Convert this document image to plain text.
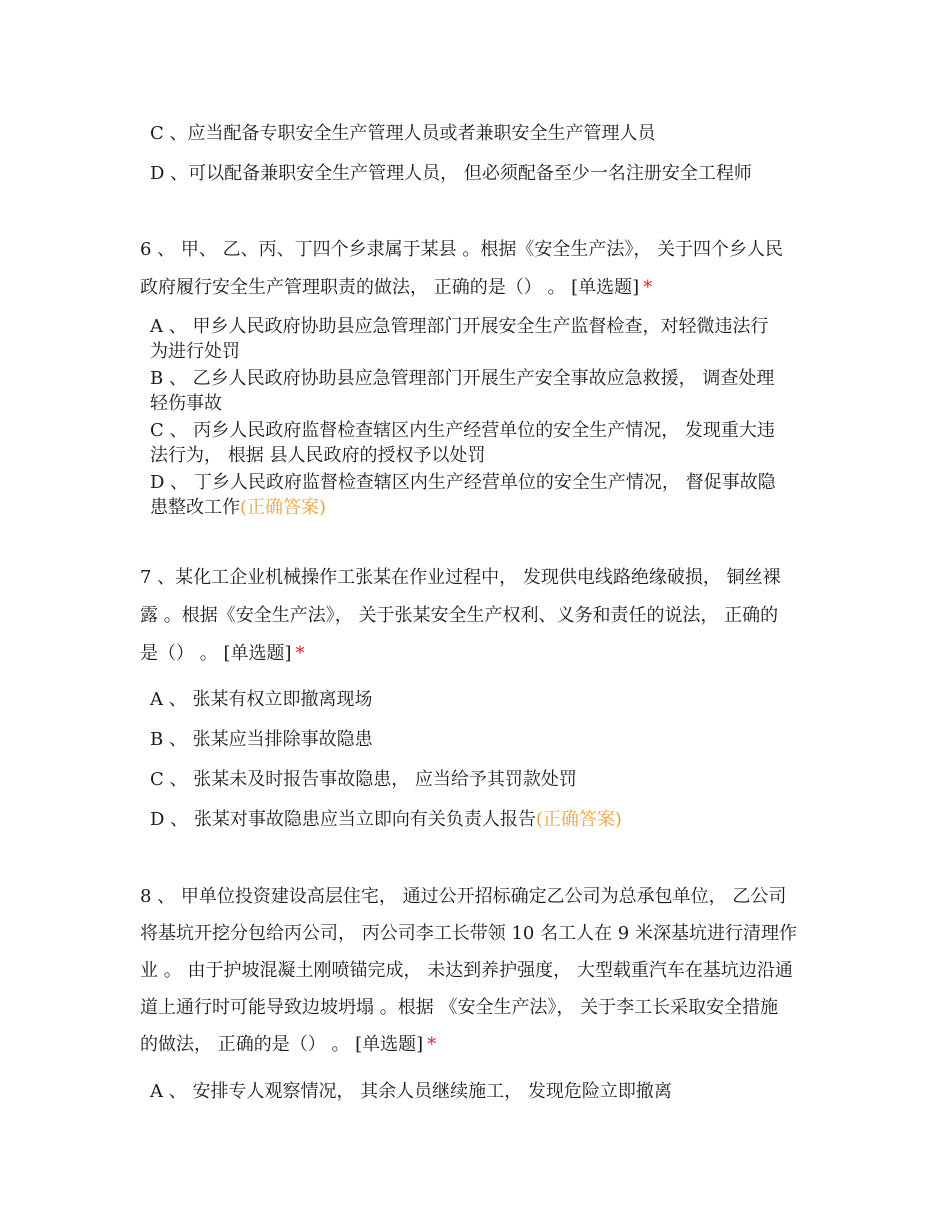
C 、应当配备专职安全生产管理人员或者兼职安全生产管理人员
D 、可以配备兼职安全生产管理人员， 但必须配备至少一名注册安全工程师
6 、 甲、 乙、丙、丁四个乡隶属于某县 。根据《安全生产法》， 关于四个乡人民
政府履行安全生产管理职责的做法， 正确的是（） 。 [单选题] *
A 、 甲乡人民政府协助县应急管理部门开展安全生产监督检查，对轻微违法行
为进行处罚
B 、 乙乡人民政府协助县应急管理部门开展生产安全事故应急救援， 调查处理
轻伤事故
C 、 丙乡人民政府监督检查辖区内生产经营单位的安全生产情况， 发现重大违
法行为， 根据 县人民政府的授权予以处罚
D 、 丁乡人民政府监督检查辖区内生产经营单位的安全生产情况， 督促事故隐
患整改工作(正确答案)
7 、某化工企业机械操作工张某在作业过程中， 发现供电线路绝缘破损， 铜丝裸
露 。根据《安全生产法》， 关于张某安全生产权利、义务和责任的说法， 正确的
是（） 。 [单选题] *
A 、 张某有权立即撤离现场
B 、 张某应当排除事故隐患
C 、 张某未及时报告事故隐患， 应当给予其罚款处罚
D 、 张某对事故隐患应当立即向有关负责人报告(正确答案)
8 、 甲单位投资建设高层住宅， 通过公开招标确定乙公司为总承包单位， 乙公司
将基坑开挖分包给丙公司， 丙公司李工长带领 10 名工人在 9 米深基坑进行清理作
业 。 由于护坡混凝土刚喷锚完成， 未达到养护强度， 大型载重汽车在基坑边沿通
道上通行时可能导致边坡坍塌 。根据 《安全生产法》， 关于李工长采取安全措施
的做法， 正确的是（） 。 [单选题] *
A 、 安排专人观察情况， 其余人员继续施工， 发现危险立即撤离
